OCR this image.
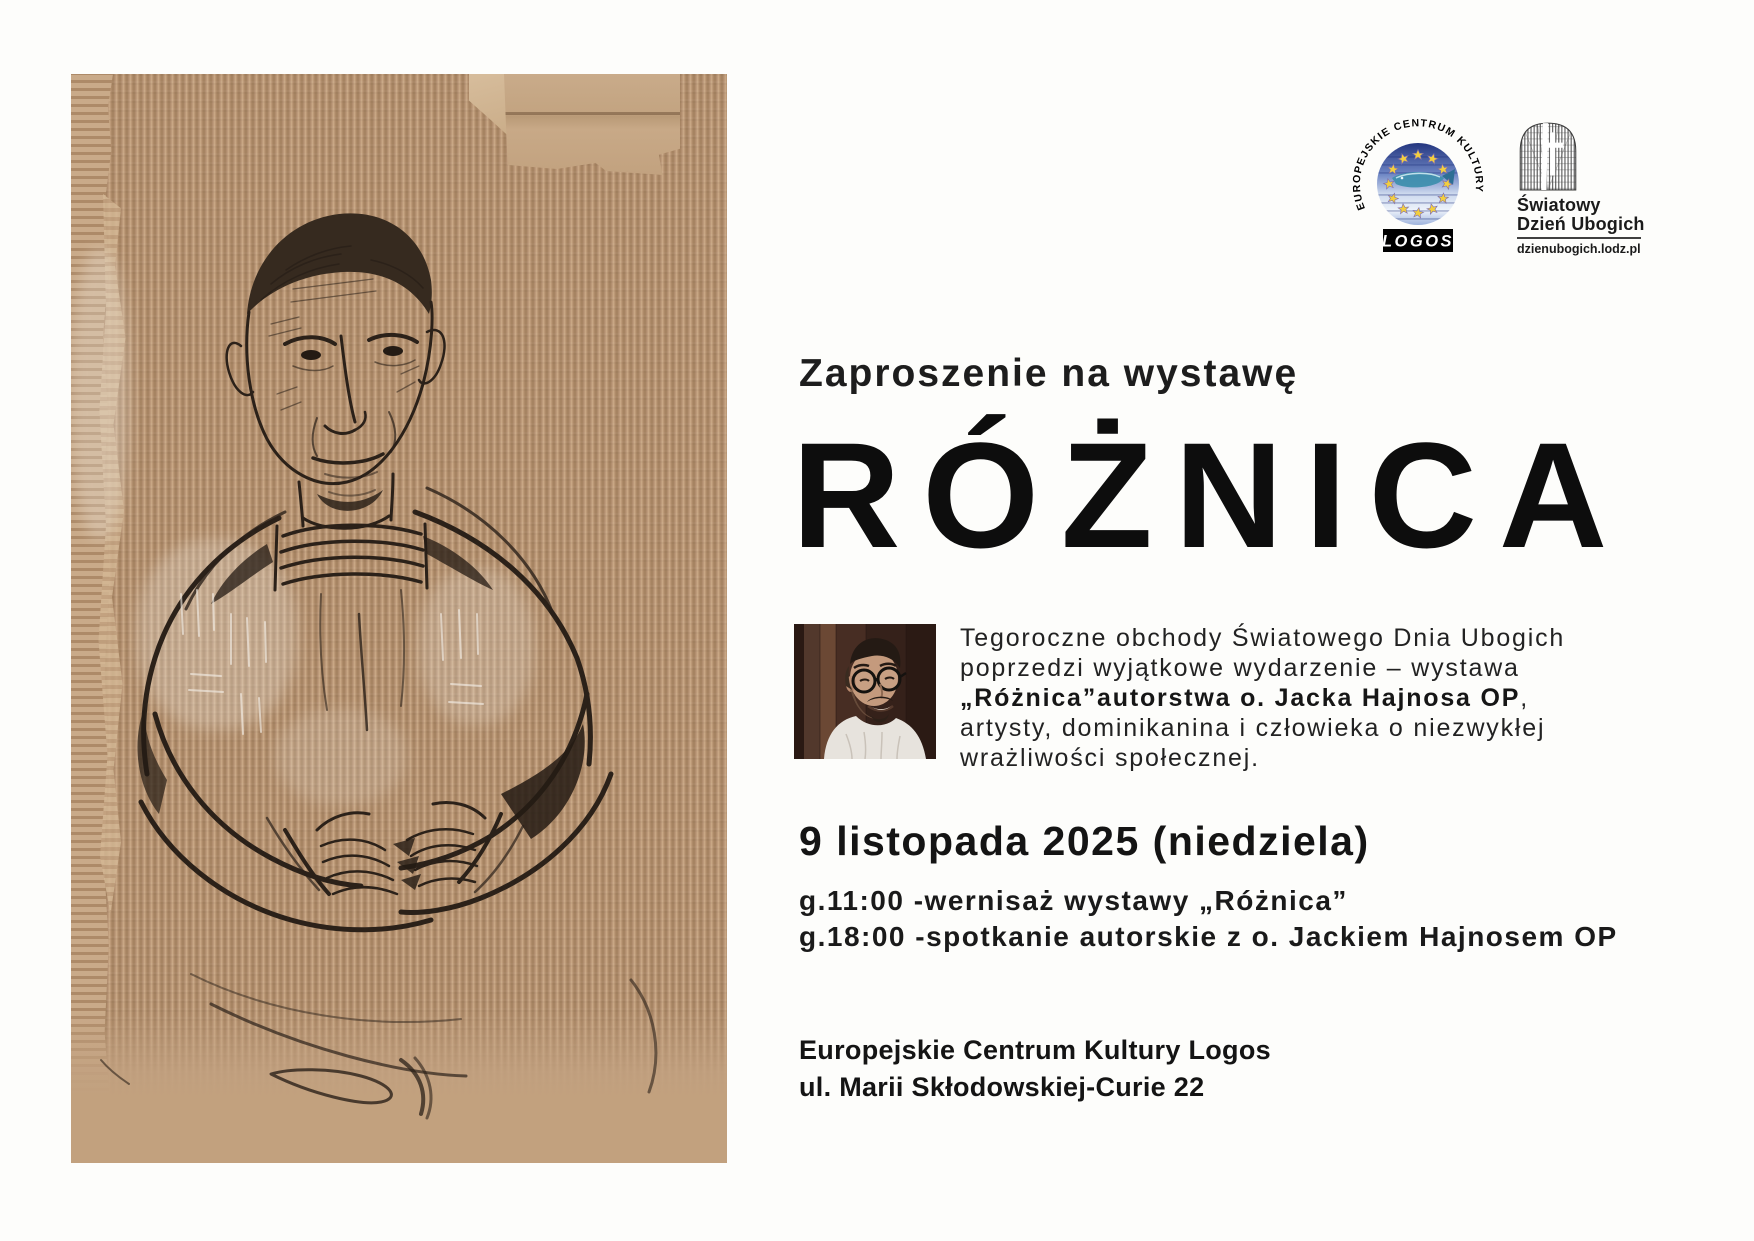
EUROPEJSKIE CENTRUM KULTURY
LOGOS
Światowy
Dzień Ubogich
dzienubogich.lodz.pl
Zaproszenie na wystawę
RÓŻNICA
Tegoroczne obchody Światowego Dnia Ubogich
poprzedzi wyjątkowe wydarzenie – wystawa
„Różnica”autorstwa o. Jacka Hajnosa OP,
artysty, dominikanina i człowieka o niezwykłej
wrażliwości społecznej.
9 listopada 2025 (niedziela)
g.11:00 -wernisaż wystawy „Różnica”
g.18:00 -spotkanie autorskie z o. Jackiem Hajnosem OP
Europejskie Centrum Kultury Logos
ul. Marii Skłodowskiej-Curie 22
